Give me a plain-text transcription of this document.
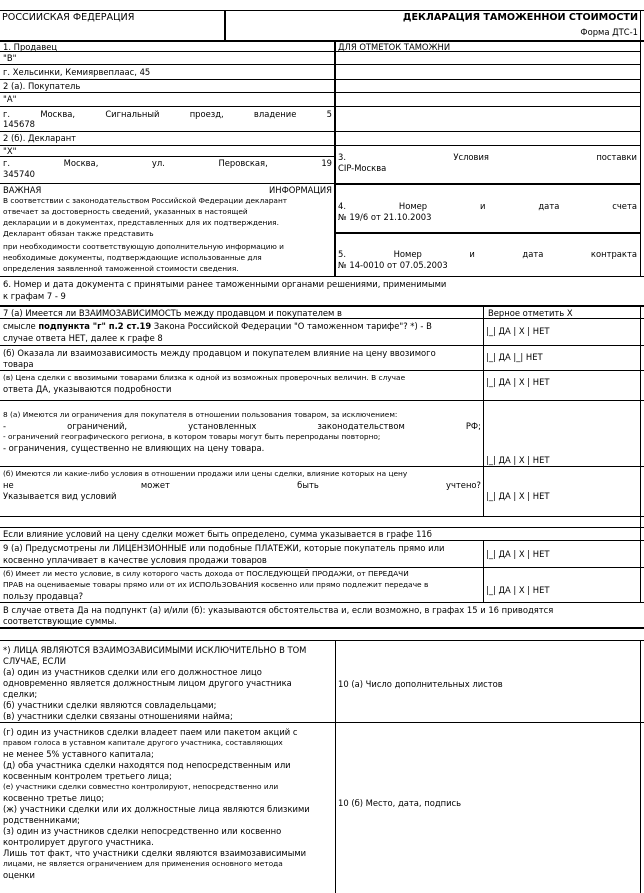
РОССИЙСКАЯ ФЕДЕРАЦИЯ	ДЕКЛАРАЦИЯ ТАМОЖЕННОЙ СТОИМОСТИ
Форма ДТС-1
1. Продавец
"В"
г. Хельсинки, Кемиярвеплаас, 45
ДЛЯ ОТМЕТОК ТАМОЖНИ
2 (а). Покупатель
"А"
г.	Москва,	Сигнальный	проезд,	владение	5
145678
2 (б). Декларант
"Х"
г.	Москва,	ул.	Перовская,	19
345740
3.	Условия	поставки
CIP-Москва
ВАЖНАЯ	ИНФОРМАЦИЯ
В соответствии с законодательством Российской Федерации декларант
отвечает за достоверность сведений, указанных в настоящей
декларации и в документах, представленных для их подтверждения.
Декларант обязан также представить
при необходимости соответствующую дополнительную информацию и
необходимые документы, подтверждающие использованные для
определения заявленной таможенной стоимости сведения.
4.	Номер	и	дата	счета
№ 19/6 от 21.10.2003
5.	Номер	и	дата	контракта
№ 14-0010 от 07.05.2003
6. Номер и дата документа с принятыми ранее таможенными органами решениями, применимыми
к графам 7 - 9
7 (а) Имеется ли ВЗАИМОЗАВИСИМОСТЬ между продавцом и покупателем в	Верное отметить Х
смысле подпункта "г" п.2 ст.19 Закона Российской Федерации "О таможенном тарифе"? *) - В
случае ответа НЕТ, далее к графе 8
|_| ДА | Х | НЕТ
(б) Оказала ли взаимозависимость между продавцом и покупателем влияние на цену ввозимого
товара
|_| ДА |_| НЕТ
(в) Цена сделки с ввозимыми товарами близка к одной из возможных проверочных величин. В случае
ответа ДА, указываются подробности
|_| ДА | Х | НЕТ
8 (а) Имеются ли ограничения для покупателя в отношении пользования товаром, за исключением:
-	ограничений,	установленных	законодательством	РФ;
- ограничений географического региона, в котором товары могут быть перепроданы повторно;
- ограничения, существенно не влияющих на цену товара.
|_| ДА | Х | НЕТ
(б) Имеются ли какие-либо условия в отношении продажи или цены сделки, влияние которых на цену
не	может	быть	учтено?
Указывается вид условий	|_| ДА | Х | НЕТ
Если влияние условий на цену сделки может быть определено, сумма указывается в графе 11б
9 (а) Предусмотрены ли ЛИЦЕНЗИОННЫЕ или подобные ПЛАТЕЖИ, которые покупатель прямо или
косвенно уплачивает в качестве условия продажи товаров
|_| ДА | Х | НЕТ
(б) Имеет ли место условие, в силу которого часть дохода от ПОСЛЕДУЮЩЕЙ ПРОДАЖИ, от ПЕРЕДАЧИ
ПРАВ на оцениваемые товары прямо или от их ИСПОЛЬЗОВАНИЯ косвенно или прямо подлежит передаче в
пользу продавца?
|_| ДА | Х | НЕТ
В случае ответа Да на подпункт (а) и/или (б): указываются обстоятельства и, если возможно, в графах 15 и 16 приводятся
соответствующие суммы.
*) ЛИЦА ЯВЛЯЮТСЯ ВЗАИМОЗАВИСИМЫМИ ИСКЛЮЧИТЕЛЬНО В ТОМ
СЛУЧАЕ, ЕСЛИ
(а) один из участников сделки или его должностное лицо
одновременно является должностным лицом другого участника
сделки;
(б) участники сделки являются совладельцами;
(в) участники сделки связаны отношениями найма;
(г) один из участников сделки владеет паем или пакетом акций с
правом голоса в уставном капитале другого участника, составляющих
не менее 5% уставного капитала;
(д) оба участника сделки находятся под непосредственным или
косвенным контролем третьего лица;
(е) участники сделки совместно контролируют, непосредственно или
косвенно третье лицо;
(ж) участники сделки или их должностные лица являются близкими
родственниками;
(з) один из участников сделки непосредственно или косвенно
контролирует другого участника.
Лишь тот факт, что участники сделки являются взаимозависимыми
лицами, не является ограничением для применения основного метода
оценки
10 (а) Число дополнительных листов
10 (б) Место, дата, подпись
